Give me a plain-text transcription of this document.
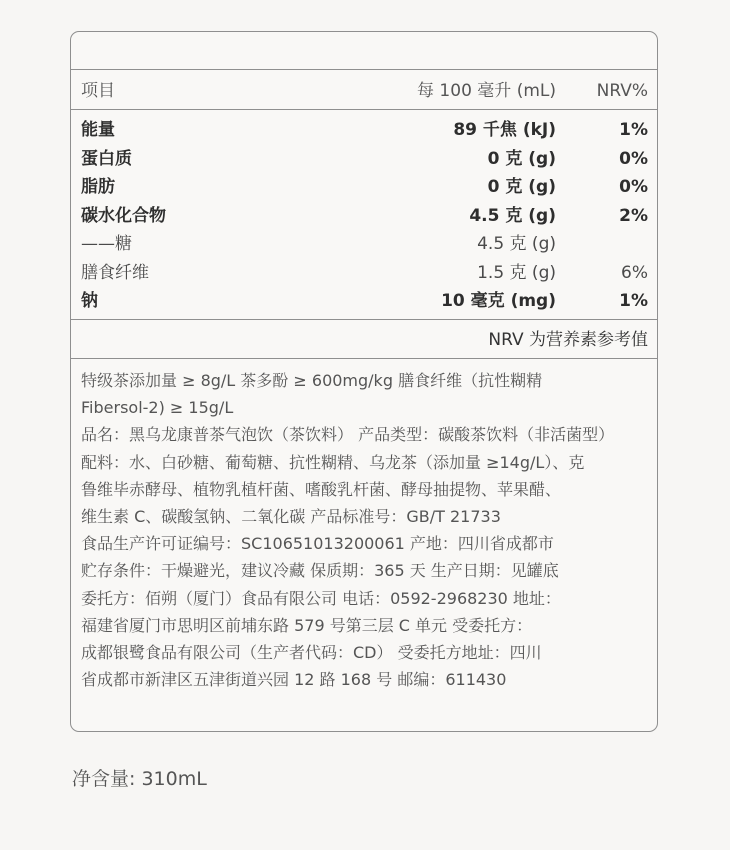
项目	每 100 毫升 (mL) NRV%
能量	89 千焦 (kJ)	1%
蛋白质	0 克 (g)	0%
脂肪	0 克 (g)	0%
碳水化合物	4.5 克 (g)	2%
——糖	4.5 克 (g)
膳食纤维	1.5 克 (g)	6%
钠	10 毫克 (mg)	1%
NRV 为营养素参考值
特级茶添加量 ≥ 8g/L 茶多酚 ≥ 600mg/kg 膳食纤维（抗性糊精
Fibersol-2) ≥ 15g/L
品名：黑乌龙康普茶气泡饮（茶饮料） 产品类型：碳酸茶饮料（非活菌型）
配料：水、白砂糖、葡萄糖、抗性糊精、乌龙茶（添加量 ≥14g/L）、克
鲁维毕赤酵母、植物乳植杆菌、嗜酸乳杆菌、酵母抽提物、苹果醋、
维生素 C、碳酸氢钠、二氧化碳 产品标准号：GB/T 21733
食品生产许可证编号：SC10651013200061 产地：四川省成都市
贮存条件：干燥避光，建议冷藏 保质期：365 天 生产日期：见罐底
委托方：佰朔（厦门）食品有限公司 电话：0592-2968230 地址：
福建省厦门市思明区前埔东路 579 号第三层 C 单元 受委托方：
成都银鹭食品有限公司（生产者代码：CD） 受委托方地址：四川
省成都市新津区五津街道兴园 12 路 168 号 邮编：611430
净含量: 310mL
